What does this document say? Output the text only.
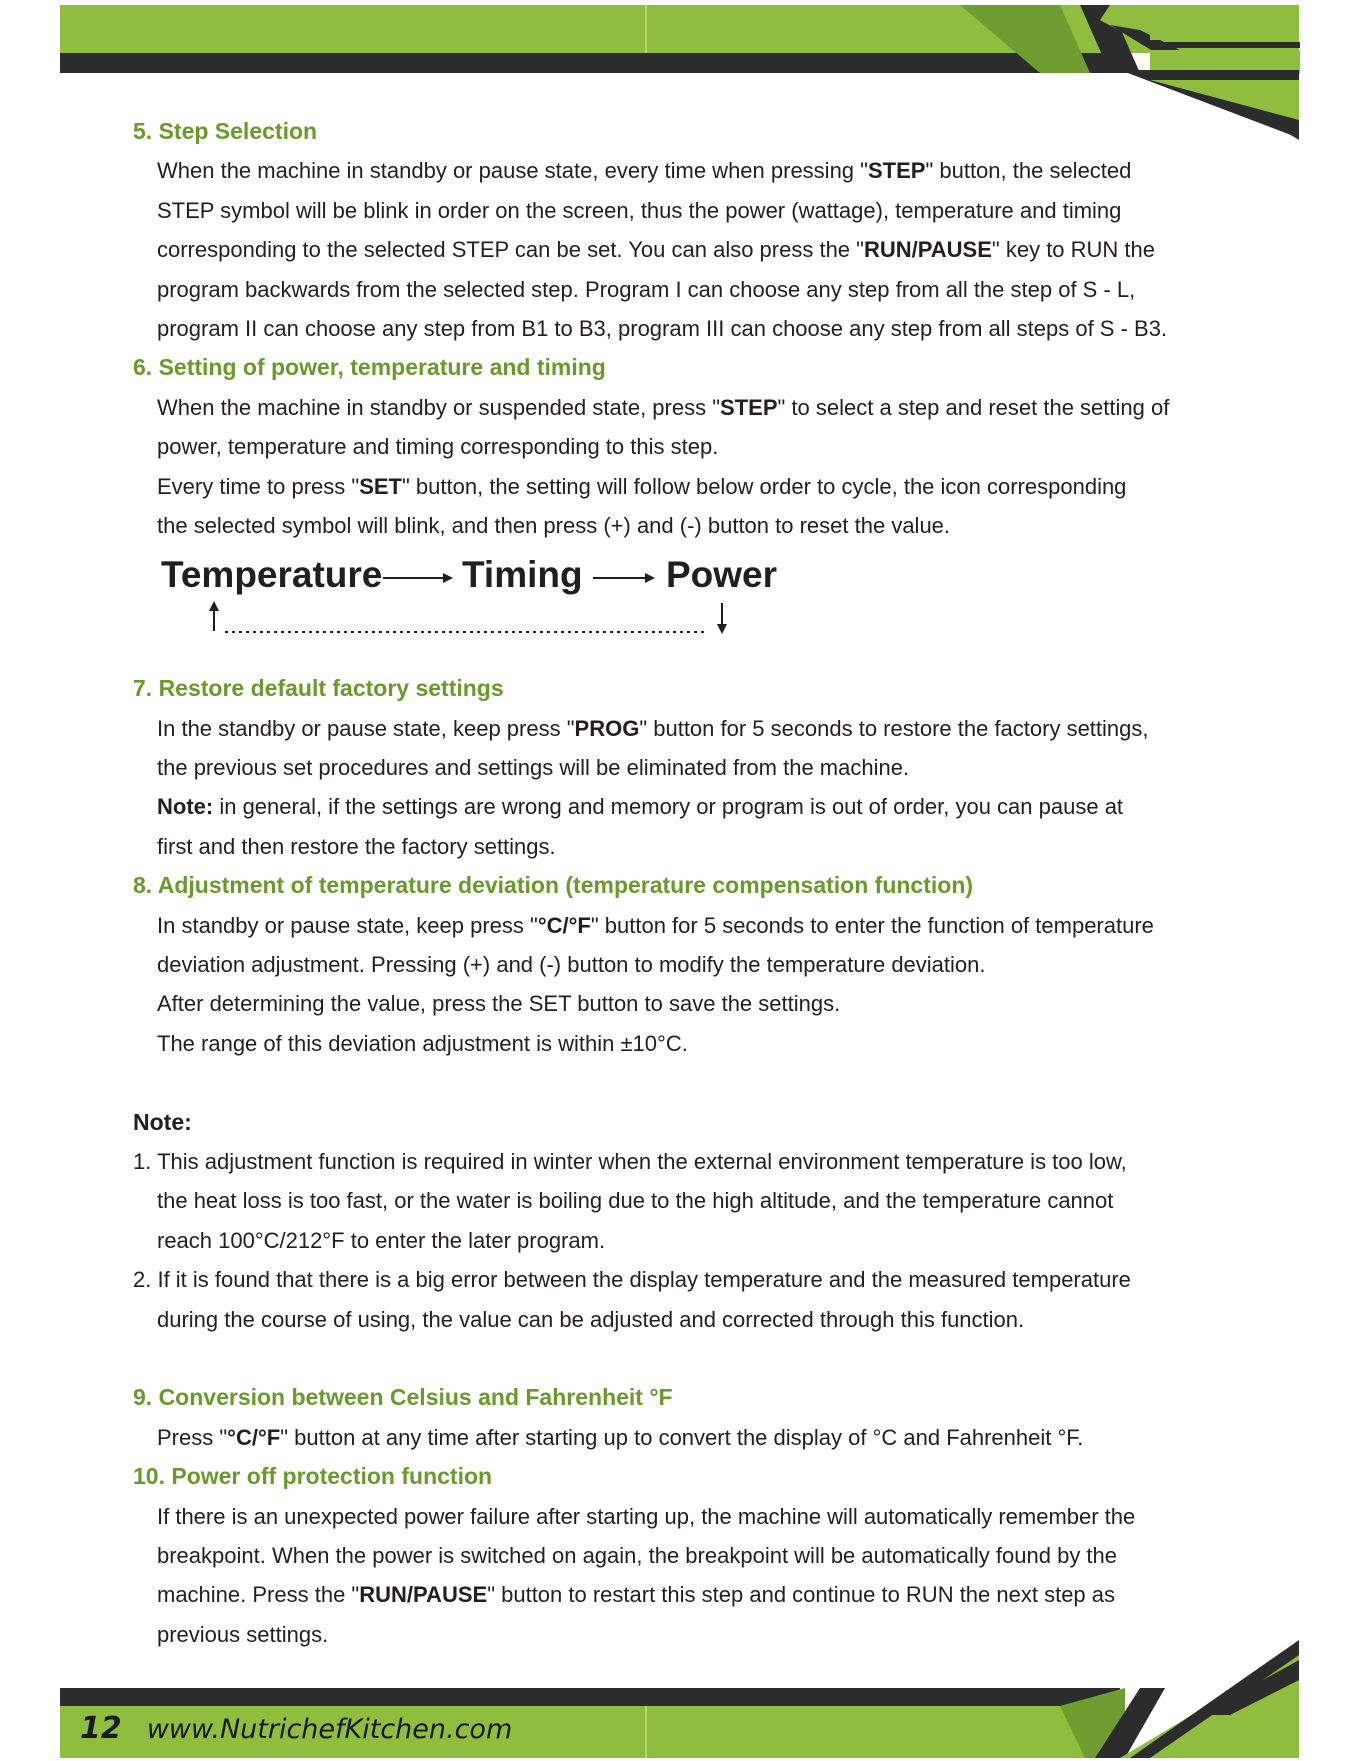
5. Step Selection
When the machine in standby or pause state, every time when pressing "STEP" button, the selected
STEP symbol will be blink in order on the screen, thus the power (wattage), temperature and timing
corresponding to the selected STEP can be set. You can also press the "RUN/PAUSE" key to RUN the
program backwards from the selected step. Program I can choose any step from all the step of S - L,
program II can choose any step from B1 to B3, program III can choose any step from all steps of S - B3.
6. Setting of power, temperature and timing
When the machine in standby or suspended state, press "STEP" to select a step and reset the setting of
power, temperature and timing corresponding to this step.
Every time to press "SET" button, the setting will follow below order to cycle, the icon corresponding
the selected symbol will blink, and then press (+) and (-) button to reset the value.
Temperature Timing Power
7. Restore default factory settings
In the standby or pause state, keep press "PROG" button for 5 seconds to restore the factory settings,
the previous set procedures and settings will be eliminated from the machine.
Note: in general, if the settings are wrong and memory or program is out of order, you can pause at
first and then restore the factory settings.
8. Adjustment of temperature deviation (temperature compensation function)
In standby or pause state, keep press "°C/°F" button for 5 seconds to enter the function of temperature
deviation adjustment. Pressing (+) and (-) button to modify the temperature deviation.
After determining the value, press the SET button to save the settings.
The range of this deviation adjustment is within ±10°C.
Note:
1. This adjustment function is required in winter when the external environment temperature is too low,
the heat loss is too fast, or the water is boiling due to the high altitude, and the temperature cannot
reach 100°C/212°F to enter the later program.
2. If it is found that there is a big error between the display temperature and the measured temperature
during the course of using, the value can be adjusted and corrected through this function.
9. Conversion between Celsius and Fahrenheit °F
Press "°C/°F" button at any time after starting up to convert the display of °C and Fahrenheit °F.
10. Power off protection function
If there is an unexpected power failure after starting up, the machine will automatically remember the
breakpoint. When the power is switched on again, the breakpoint will be automatically found by the
machine. Press the "RUN/PAUSE" button to restart this step and continue to RUN the next step as
previous settings.
12 www.NutrichefKitchen.com
